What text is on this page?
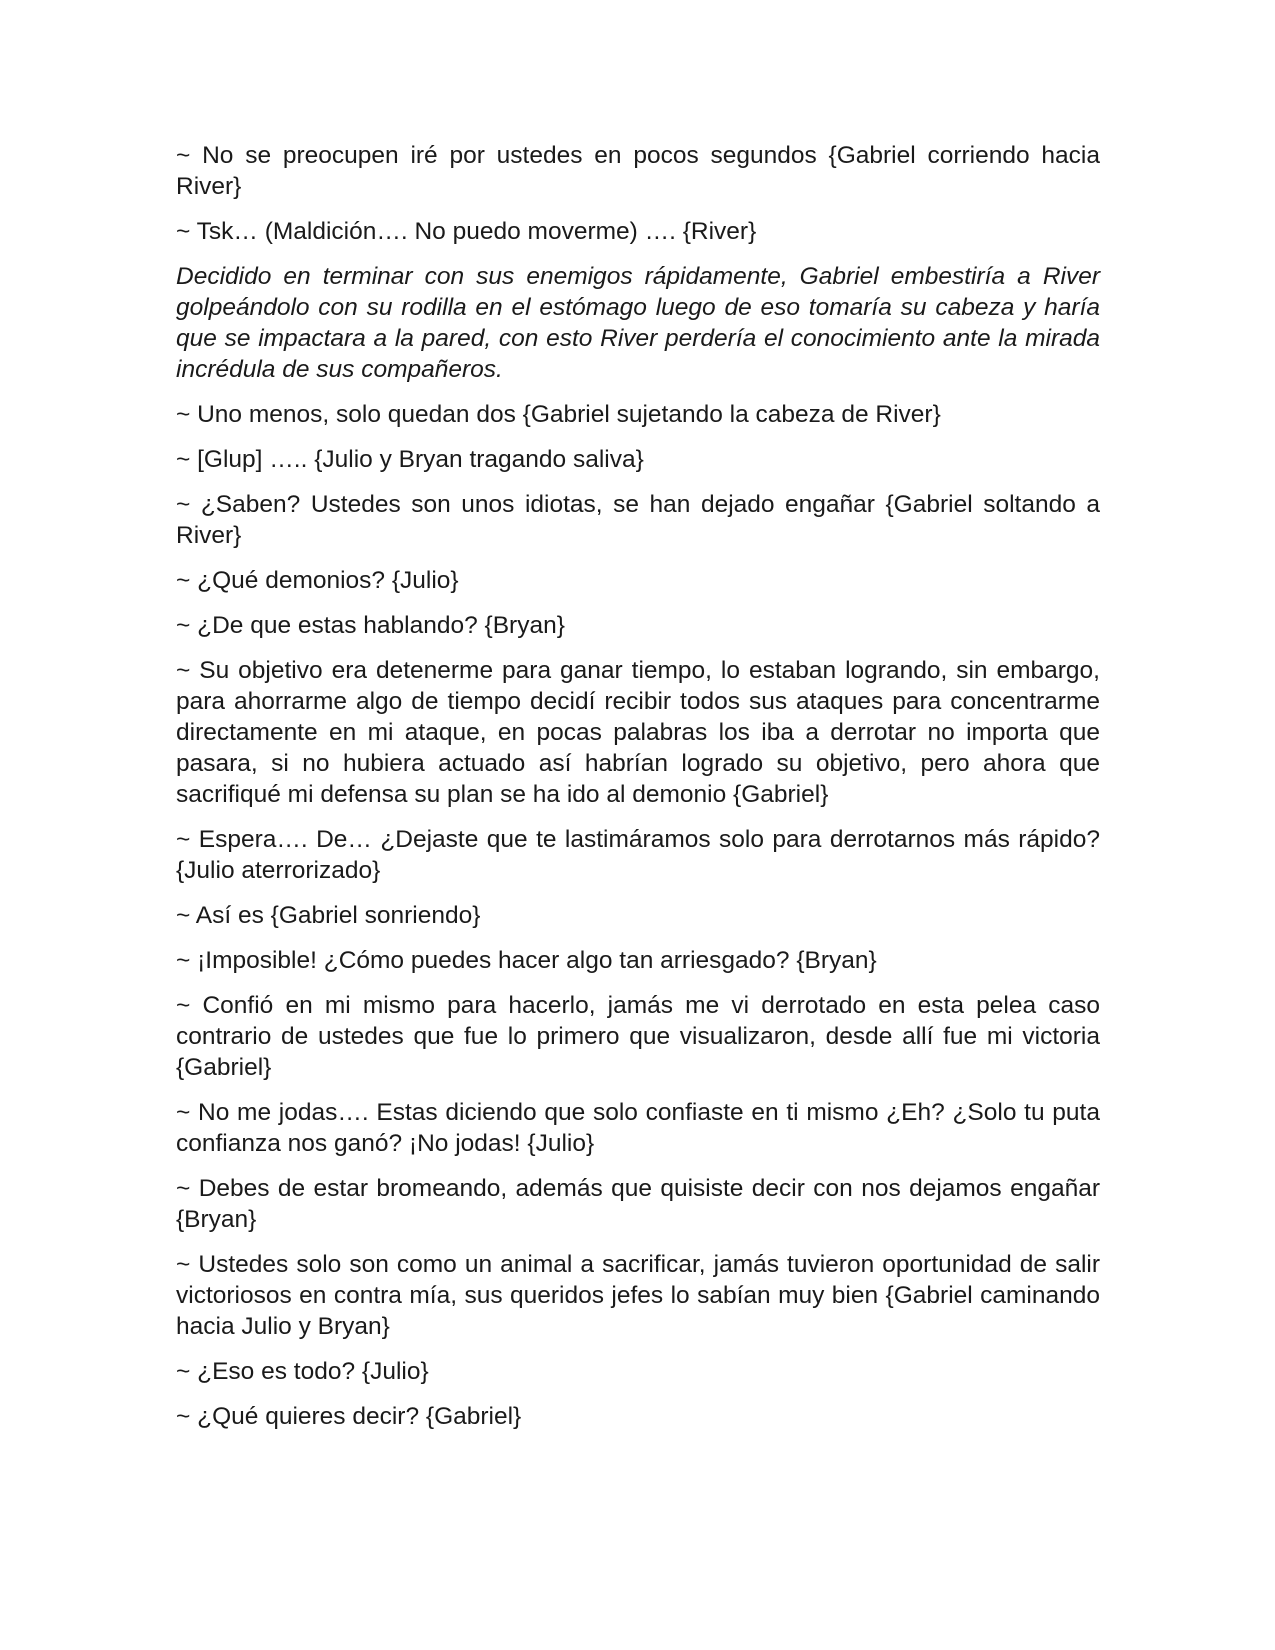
~ No se preocupen iré por ustedes en pocos segundos {Gabriel corriendo hacia River}

~ Tsk… (Maldición…. No puedo moverme) …. {River}

Decidido en terminar con sus enemigos rápidamente, Gabriel embestiría a River golpeándolo con su rodilla en el estómago luego de eso tomaría su cabeza y haría que se impactara a la pared, con esto River perdería el conocimiento ante la mirada incrédula de sus compañeros.

~ Uno menos, solo quedan dos {Gabriel sujetando la cabeza de River}

~ [Glup] ….. {Julio y Bryan tragando saliva}

~ ¿Saben? Ustedes son unos idiotas, se han dejado engañar {Gabriel soltando a River}

~ ¿Qué demonios? {Julio}

~ ¿De que estas hablando? {Bryan}

~ Su objetivo era detenerme para ganar tiempo, lo estaban logrando, sin embargo, para ahorrarme algo de tiempo decidí recibir todos sus ataques para concentrarme directamente en mi ataque, en pocas palabras los iba a derrotar no importa que pasara, si no hubiera actuado así habrían logrado su objetivo, pero ahora que sacrifiqué mi defensa su plan se ha ido al demonio {Gabriel}

~ Espera…. De… ¿Dejaste que te lastimáramos solo para derrotarnos más rápido? {Julio aterrorizado}

~ Así es {Gabriel sonriendo}

~ ¡Imposible! ¿Cómo puedes hacer algo tan arriesgado? {Bryan}

~ Confió en mi mismo para hacerlo, jamás me vi derrotado en esta pelea caso contrario de ustedes que fue lo primero que visualizaron, desde allí fue mi victoria {Gabriel}

~ No me jodas…. Estas diciendo que solo confiaste en ti mismo ¿Eh? ¿Solo tu puta confianza nos ganó? ¡No jodas! {Julio}

~ Debes de estar bromeando, además que quisiste decir con nos dejamos engañar {Bryan}

~ Ustedes solo son como un animal a sacrificar, jamás tuvieron oportunidad de salir victoriosos en contra mía, sus queridos jefes lo sabían muy bien {Gabriel caminando hacia Julio y Bryan}

~ ¿Eso es todo? {Julio}

~ ¿Qué quieres decir? {Gabriel}
